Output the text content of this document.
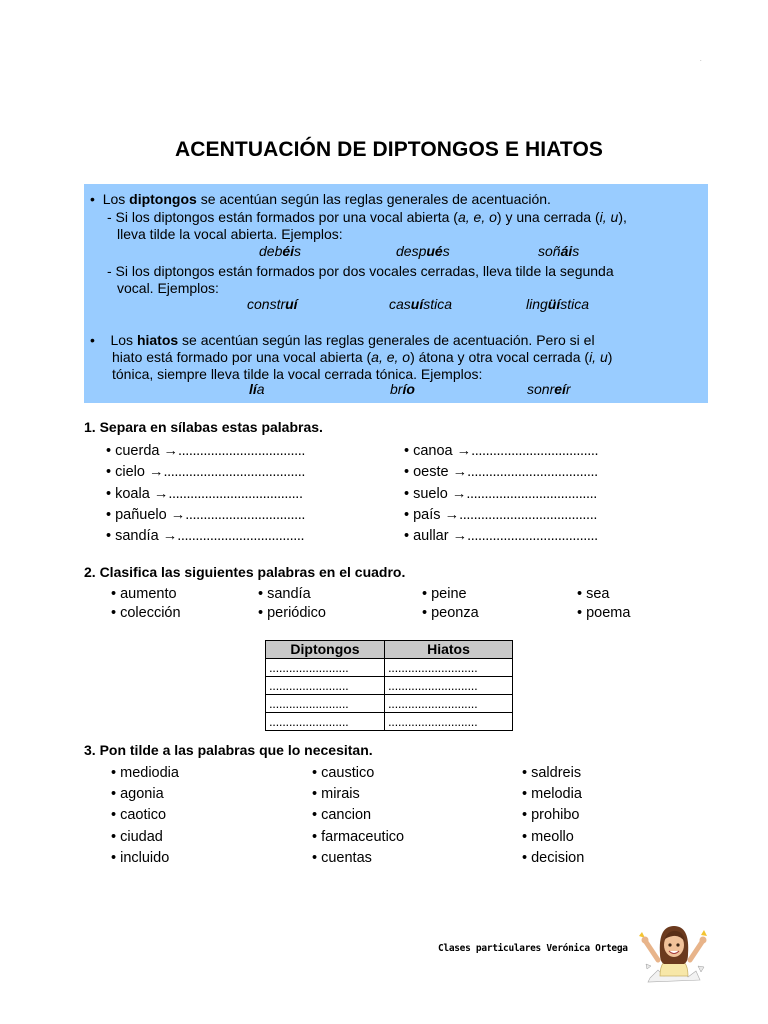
.
ACENTUACIÓN DE DIPTONGOS E HIATOS
• Los diptongos se acentúan según las reglas generales de acentuación.
- Si los diptongos están formados por una vocal abierta (a, e, o) y una cerrada (i, u),
lleva tilde la vocal abierta. Ejemplos:
debéis	después	soñáis
- Si los diptongos están formados por dos vocales cerradas, lleva tilde la segunda
vocal. Ejemplos:
construí	casuística	lingüística
• Los hiatos se acentúan según las reglas generales de acentuación. Pero si el
hiato está formado por una vocal abierta (a, e, o) átona y otra vocal cerrada (i, u)
tónica, siempre lleva tilde la vocal cerrada tónica. Ejemplos:
lía	brío	sonreír
1. Separa en sílabas estas palabras.
• cuerda →...................................
• cielo →.......................................
• koala →.....................................
• pañuelo →.................................
• sandía →...................................
• canoa →...................................
• oeste →....................................
• suelo →....................................
• país →......................................
• aullar →....................................
2. Clasifica las siguientes palabras en el cuadro.
• aumento
• colección
• sandía
• periódico
• peine
• peonza
• sea
• poema
Diptongos	Hiatos
........................	...........................
........................	...........................
........................	...........................
........................	...........................
3. Pon tilde a las palabras que lo necesitan.
• mediodia
• agonia
• caotico
• ciudad
• incluido
• caustico
• mirais
• cancion
• farmaceutico
• cuentas
• saldreis
• melodia
• prohibo
• meollo
• decision
Clases particulares Verónica Ortega
